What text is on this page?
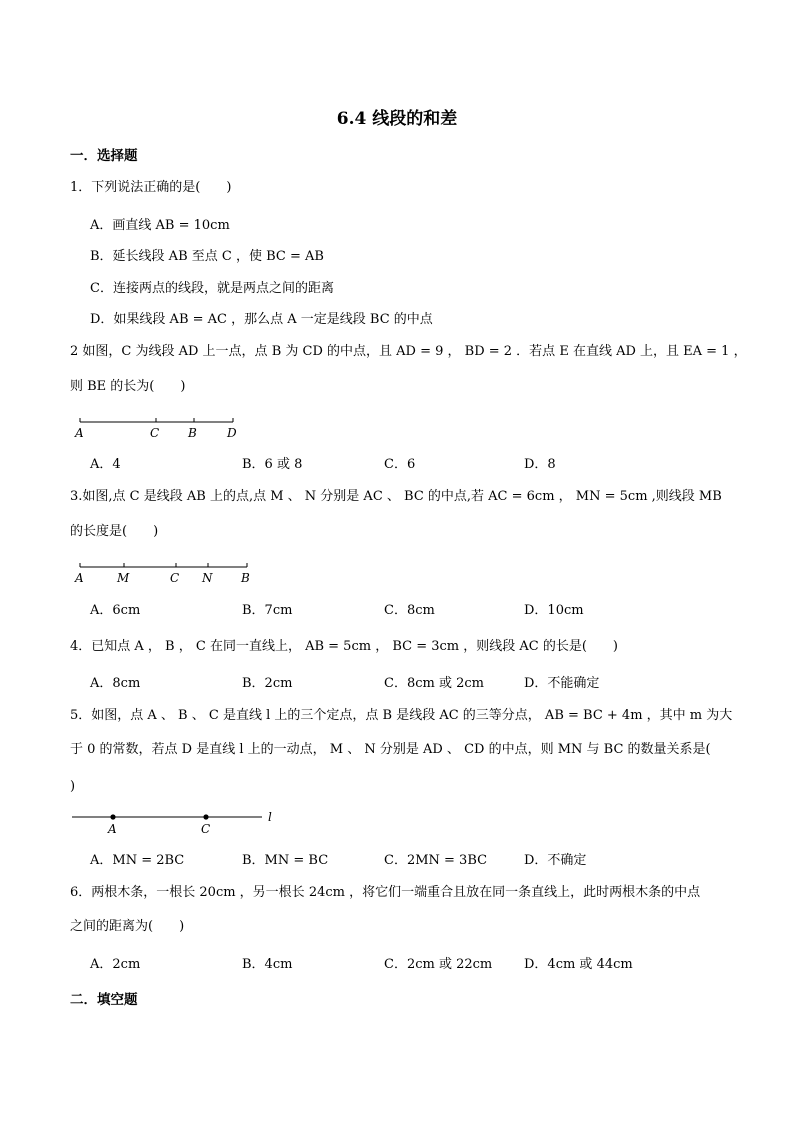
6.4 线段的和差
一．选择题
1．下列说法正确的是(　　)
A．画直线 AB = 10cm
B．延长线段 AB 至点 C ，使 BC = AB
C．连接两点的线段，就是两点之间的距离
D．如果线段 AB = AC ，那么点 A 一定是线段 BC 的中点
2 如图，C 为线段 AD 上一点，点 B 为 CD 的中点，且 AD = 9 ， BD = 2 ．若点 E 在直线 AD 上，且 EA = 1 ，
则 BE 的长为(　　)
A	C B	D
A．4	B．6 或 8	C．6	D．8
3.如图,点 C 是线段 AB 上的点,点 M 、 N 分别是 AC 、 BC 的中点,若 AC = 6cm ， MN = 5cm ,则线段 MB
的长度是(　　)
A	M	C N B
A．6cm	B．7cm	C．8cm	D．10cm
4．已知点 A ， B ， C 在同一直线上， AB = 5cm ， BC = 3cm ，则线段 AC 的长是(　　)
A．8cm	B．2cm	C．8cm 或 2cm	D．不能确定
5．如图，点 A 、 B 、 C 是直线 l 上的三个定点，点 B 是线段 AC 的三等分点， AB = BC + 4m ，其中 m 为大
于 0 的常数，若点 D 是直线 l 上的一动点， M 、 N 分别是 AD 、 CD 的中点，则 MN 与 BC 的数量关系是(
)
A	C
l
A．MN = 2BC	B．MN = BC	C．2MN = 3BC	D．不确定
6．两根木条，一根长 20cm ，另一根长 24cm ，将它们一端重合且放在同一条直线上，此时两根木条的中点
之间的距离为(　　)
A．2cm	B．4cm	C．2cm 或 22cm D．4cm 或 44cm
二．填空题
